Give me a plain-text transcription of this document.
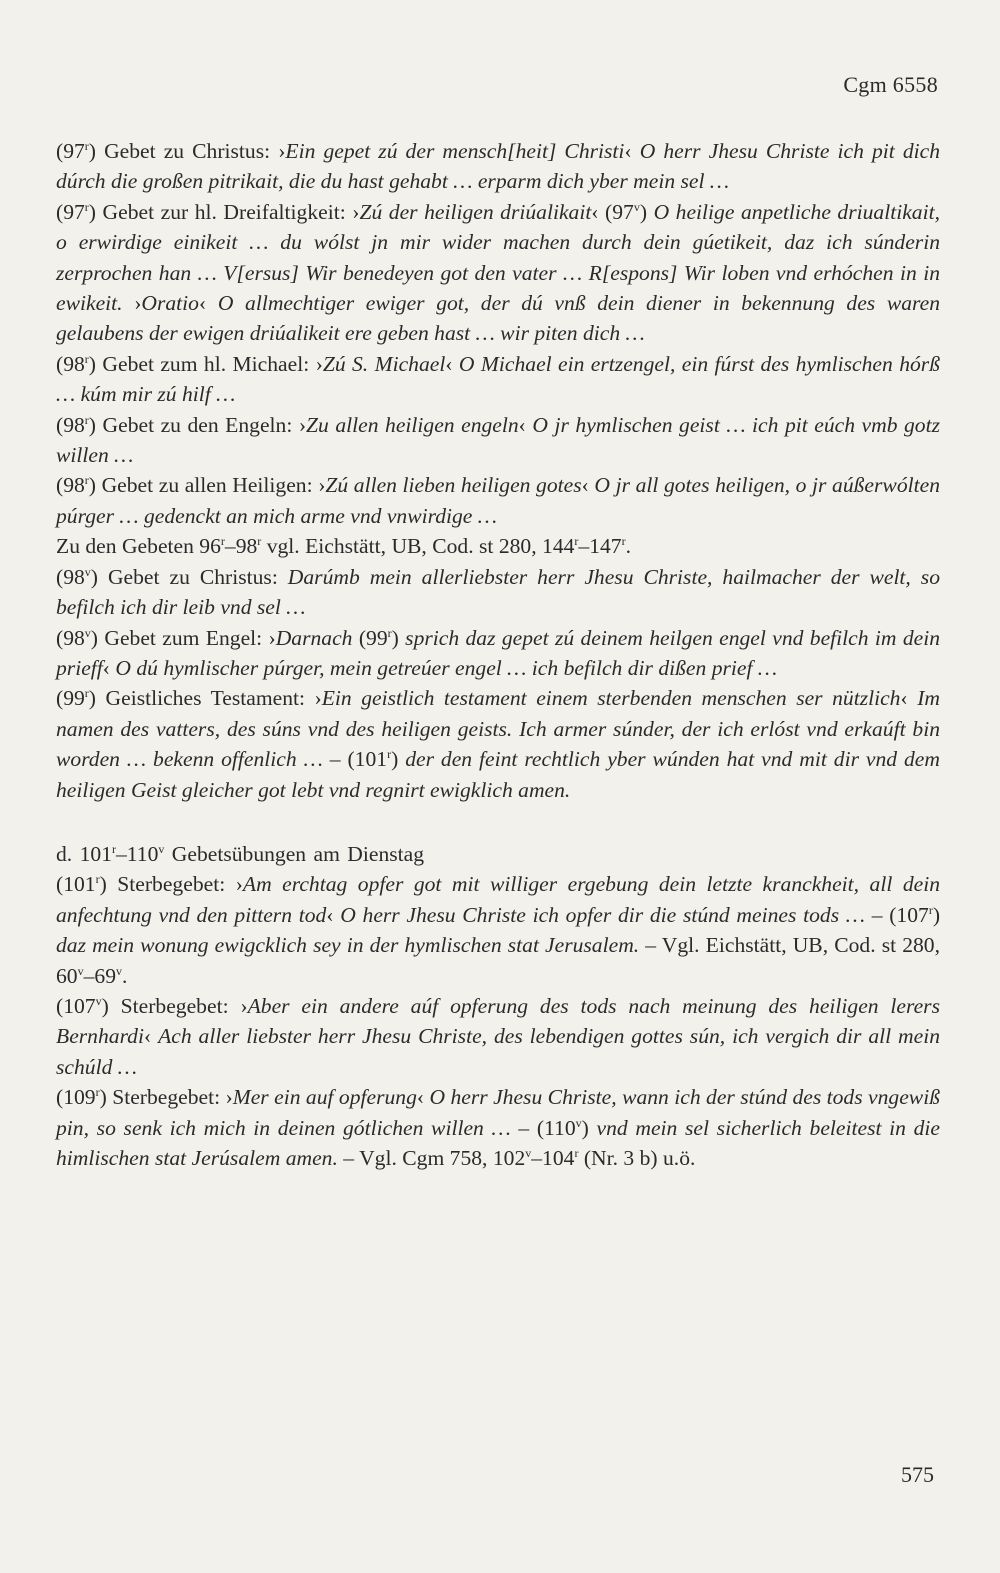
Cgm 6558

(97$^r$) Gebet zu Christus: ›Ein gepet zú der mensch[heit] Christi‹ O herr Jhesu Christe ich pit dich dúrch die großen pitrikait, die du hast gehabt … erparm dich yber mein sel …

(97$^r$) Gebet zur hl. Dreifaltigkeit: ›Zú der heiligen driúalikait‹ (97$^v$) O heilige anpetliche driualtikait, o erwirdige einikeit … du wólst jn mir wider machen durch dein gúetikeit, daz ich súnderin zerprochen han … V[ersus] Wir benedeyen got den vater … R[espons] Wir loben vnd erhóchen in in ewikeit. ›Oratio‹ O allmechtiger ewiger got, der dú vnß dein diener in bekennung des waren gelaubens der ewigen driúalikeit ere geben hast … wir piten dich …

(98$^r$) Gebet zum hl. Michael: ›Zú S. Michael‹ O Michael ein ertzengel, ein fúrst des hymlischen hórß … kúm mir zú hilf …

(98$^r$) Gebet zu den Engeln: ›Zu allen heiligen engeln‹ O jr hymlischen geist … ich pit eúch vmb gotz willen …

(98$^r$) Gebet zu allen Heiligen: ›Zú allen lieben heiligen gotes‹ O jr all gotes heiligen, o jr aúßerwólten púrger … gedenckt an mich arme vnd vnwirdige …

Zu den Gebeten 96$^r$–98$^r$ vgl. Eichstätt, UB, Cod. st 280, 144$^r$–147$^r$.

(98$^v$) Gebet zu Christus: Darúmb mein allerliebster herr Jhesu Christe, hailmacher der welt, so befilch ich dir leib vnd sel …

(98$^v$) Gebet zum Engel: ›Darnach (99$^r$) sprich daz gepet zú deinem heilgen engel vnd befilch im dein prieff‹ O dú hymlischer púrger, mein getreúer engel … ich befilch dir dißen prief …

(99$^r$) Geistliches Testament: ›Ein geistlich testament einem sterbenden menschen ser nützlich‹ Im namen des vatters, des súns vnd des heiligen geists. Ich armer súnder, der ich erlóst vnd erkaúft bin worden … bekenn offenlich … – (101$^r$) der den feint rechtlich yber wúnden hat vnd mit dir vnd dem heiligen Geist gleicher got lebt vnd regnirt ewigklich amen.

d. 101$^r$–110$^v$ Gebetsübungen am Dienstag

(101$^r$) Sterbegebet: ›Am erchtag opfer got mit williger ergebung dein letzte kranckheit, all dein anfechtung vnd den pittern tod‹ O herr Jhesu Christe ich opfer dir die stúnd meines tods … – (107$^r$) daz mein wonung ewigcklich sey in der hymlischen stat Jerusalem. – Vgl. Eichstätt, UB, Cod. st 280, 60$^v$–69$^v$.

(107$^v$) Sterbegebet: ›Aber ein andere aúf opferung des tods nach meinung des heiligen lerers Bernhardi‹ Ach aller liebster herr Jhesu Christe, des lebendigen gottes sún, ich vergich dir all mein schúld …

(109$^r$) Sterbegebet: ›Mer ein auf opferung‹ O herr Jhesu Christe, wann ich der stúnd des tods vngewiß pin, so senk ich mich in deinen gótlichen willen … – (110$^v$) vnd mein sel sicherlich beleitest in die himlischen stat Jerúsalem amen. – Vgl. Cgm 758, 102$^v$–104$^r$ (Nr. 3 b) u.ö.

575
